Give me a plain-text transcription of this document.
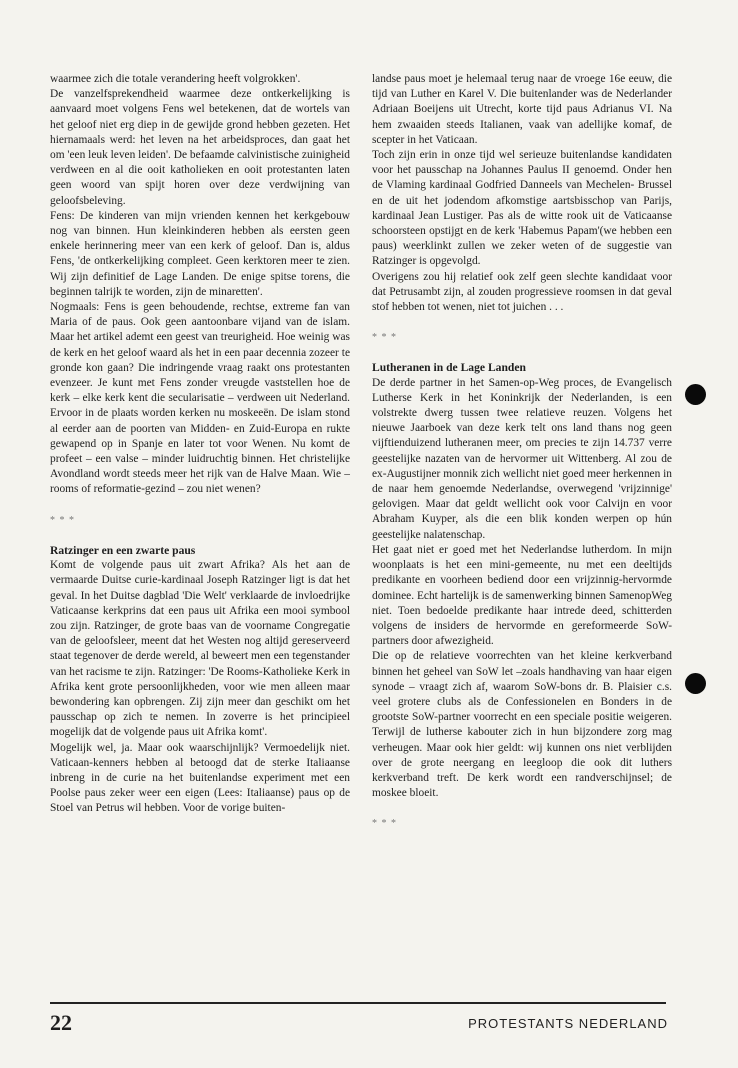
waarmee zich die totale verandering heeft volgrokken'.

De vanzelfsprekendheid waarmee deze ontkerkelijking is aanvaard moet volgens Fens wel betekenen, dat de wortels van het geloof niet erg diep in de gewijde grond hebben gezeten. Het hiernamaals werd: het leven na het arbeidsproces, dan gaat het om 'een leuk leven leiden'. De befaamde calvinistische zuinigheid verdween en al die ooit katholieken en ooit protestanten laten geen woord van spijt horen over deze verdwijning van geloofsbeleving.

Fens: De kinderen van mijn vrienden kennen het kerkgebouw nog van binnen. Hun kleinkinderen hebben als eersten geen enkele herinnering meer van een kerk of geloof. Dan is, aldus Fens, 'de ontkerkelijking compleet. Geen kerktoren meer te zien. Wij zijn definitief de Lage Landen. De enige spitse torens, die beginnen talrijk te worden, zijn de minaretten'.

Nogmaals: Fens is geen behoudende, rechtse, extreme fan van Maria of de paus. Ook geen aantoonbare vijand van de islam. Maar het artikel ademt een geest van treurigheid. Hoe weinig was de kerk en het geloof waard als het in een paar decennia zozeer te gronde kon gaan? Die indringende vraag raakt ons protestanten evenzeer. Je kunt met Fens zonder vreugde vaststellen hoe de kerk – elke kerk kent die secularisatie – verdween uit Nederland. Ervoor in de plaats worden kerken nu moskeeën. De islam stond al eerder aan de poorten van Midden- en Zuid-Europa en rukte gewapend op in Spanje en later tot voor Wenen. Nu komt de profeet – een valse – minder luidruchtig binnen. Het christelijke Avondland wordt steeds meer het rijk van de Halve Maan. Wie – rooms of reformatie-gezind – zou niet wenen?

* * *

Ratzinger en een zwarte paus

Komt de volgende paus uit zwart Afrika? Als het aan de vermaarde Duitse curie-kardinaal Joseph Ratzinger ligt is dat het geval. In het Duitse dagblad 'Die Welt' verklaarde de invloedrijke Vaticaanse kerkprins dat een paus uit Afrika een mooi symbool zou zijn. Ratzinger, de grote baas van de voorname Congregatie van de geloofsleer, meent dat het Westen nog altijd gereserveerd staat tegenover de derde wereld, al beweert men een tegenstander van het racisme te zijn. Ratzinger: 'De Rooms-Katholieke Kerk in Afrika kent grote persoonlijkheden, voor wie men alleen maar bewondering kan opbrengen. Zij zijn meer dan geschikt om het pausschap op zich te nemen. In zoverre is het principieel mogelijk dat de volgende paus uit Afrika komt'.

Mogelijk wel, ja. Maar ook waarschijnlijk? Vermoedelijk niet. Vaticaan-kenners hebben al betoogd dat de sterke Italiaanse inbreng in de curie na het buitenlandse experiment met een Poolse paus zeker weer een eigen (Lees: Italiaanse) paus op de Stoel van Petrus wil hebben. Voor de vorige buiten-

landse paus moet je helemaal terug naar de vroege 16e eeuw, die tijd van Luther en Karel V. Die buitenlander was de Nederlander Adriaan Boeijens uit Utrecht, korte tijd paus Adrianus VI. Na hem zwaaiden steeds Italianen, vaak van adellijke komaf, de scepter in het Vaticaan.

Toch zijn erin in onze tijd wel serieuze buitenlandse kandidaten voor het pausschap na Johannes Paulus II genoemd. Onder hen de Vlaming kardinaal Godfried Danneels van Mechelen- Brussel en de uit het jodendom afkomstige aartsbisschop van Parijs, kardinaal Jean Lustiger. Pas als de witte rook uit de Vaticaanse schoorsteen opstijgt en de kerk 'Habemus Papam'(we hebben een paus) weerklinkt zullen we zeker weten of de suggestie van Ratzinger is opgevolgd.

Overigens zou hij relatief ook zelf geen slechte kandidaat voor dat Petrusambt zijn, al zouden progressieve roomsen in dat geval stof hebben tot wenen, niet tot juichen . . .

* * *

Lutheranen in de Lage Landen

De derde partner in het Samen-op-Weg proces, de Evangelisch Lutherse Kerk in het Koninkrijk der Nederlanden, is een volstrekte dwerg tussen twee relatieve reuzen. Volgens het nieuwe Jaarboek van deze kerk telt ons land thans nog geen vijftienduizend lutheranen meer, om precies te zijn 14.737 verre geestelijke nazaten van de hervormer uit Wittenberg. Al zou de ex-Augustijner monnik zich wellicht niet goed meer herkennen in de naar hem genoemde Nederlandse, overwegend 'vrijzinnige' gelovigen. Maar dat geldt wellicht ook voor Calvijn en voor Abraham Kuyper, als die een blik konden werpen op hún geestelijke nalatenschap.

Het gaat niet er goed met het Nederlandse lutherdom. In mijn woonplaats is het een mini-gemeente, nu met een deeltijds predikante en voorheen bediend door een vrijzinnig-hervormde dominee. Echt hartelijk is de samenwerking binnen SamenopWeg niet. Toen bedoelde predikante haar intrede deed, schitterden volgens de insiders de hervormde en gereformeerde SoW-partners door afwezigheid.

Die op de relatieve voorrechten van het kleine kerkverband binnen het geheel van SoW let –zoals handhaving van haar eigen synode – vraagt zich af, waarom SoW-bons dr. B. Plaisier c.s. veel grotere clubs als de Confessionelen en Bonders in de grootste SoW-partner voorrecht en een speciale positie weigeren. Terwijl de lutherse kabouter zich in hun bijzondere zorg mag verheugen. Maar ook hier geldt: wij kunnen ons niet verblijden over de grote neergang en leegloop die ook dit luthers kerkverband treft. De kerk wordt een randverschijnsel; de moskee bloeit.

* * *

22	PROTESTANTS NEDERLAND
